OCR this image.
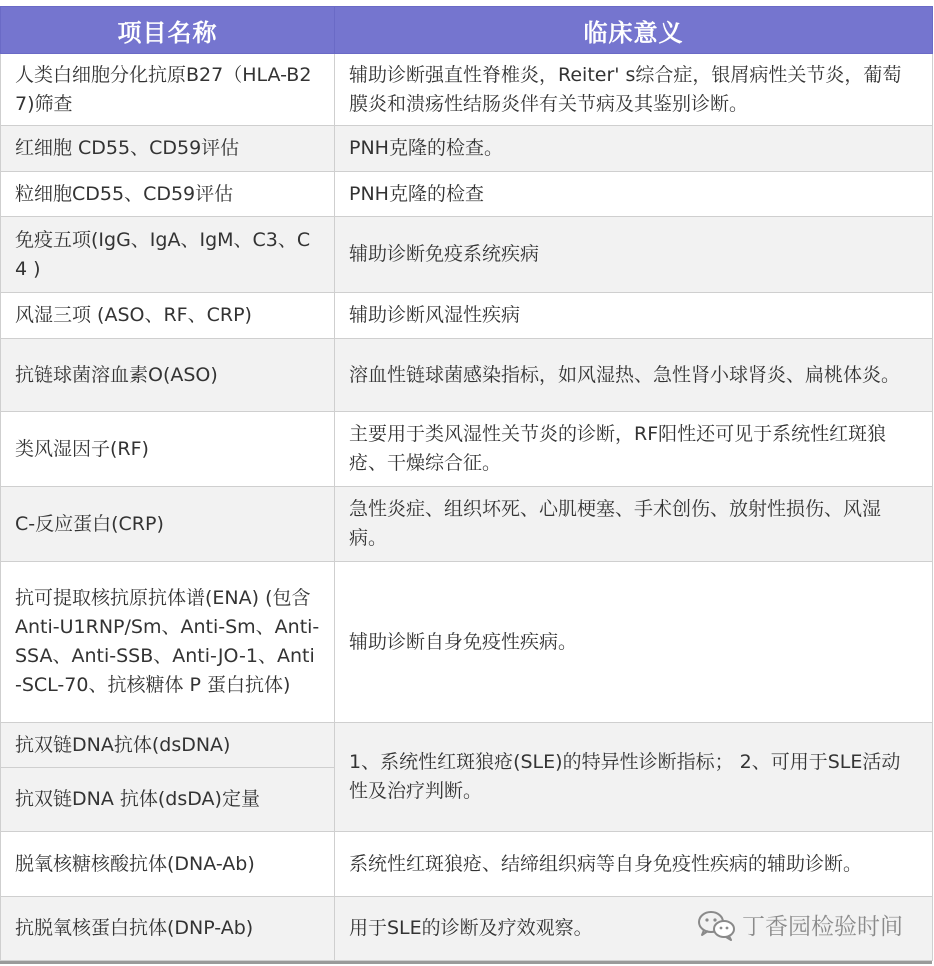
项目名称	临床意义
人类白细胞分化抗原B27（HLA-B27)筛查	辅助诊断强直性脊椎炎，Reiter' s综合症，银屑病性关节炎，葡萄膜炎和溃疡性结肠炎伴有关节病及其鉴别诊断。
红细胞 CD55、CD59评估	PNH克隆的检查。
粒细胞CD55、CD59评估	PNH克隆的检查
免疫五项(IgG、IgA、IgM、C3、C4 )	辅助诊断免疫系统疾病
风湿三项 (ASO、RF、CRP)	辅助诊断风湿性疾病
抗链球菌溶血素O(ASO)	溶血性链球菌感染指标，如风湿热、急性肾小球肾炎、扁桃体炎。
类风湿因子(RF)	主要用于类风湿性关节炎的诊断，RF阳性还可见于系统性红斑狼疮、干燥综合征。
C-反应蛋白(CRP)	急性炎症、组织坏死、心肌梗塞、手术创伤、放射性损伤、风湿病。
抗可提取核抗原抗体谱(ENA) (包含Anti-U1RNP/Sm、Anti-Sm、Anti-SSA、Anti-SSB、Anti-JO-1、Anti-SCL-70、抗核糖体 P 蛋白抗体)	辅助诊断自身免疫性疾病。
抗双链DNA抗体(dsDNA)	1、系统性红斑狼疮(SLE)的特异性诊断指标； 2、可用于SLE活动性及治疗判断。
抗双链DNA 抗体(dsDA)定量	
脱氧核糖核酸抗体(DNA-Ab)	系统性红斑狼疮、结缔组织病等自身免疫性疾病的辅助诊断。
抗脱氧核蛋白抗体(DNP-Ab)	用于SLE的诊断及疗效观察。	丁香园检验时间
